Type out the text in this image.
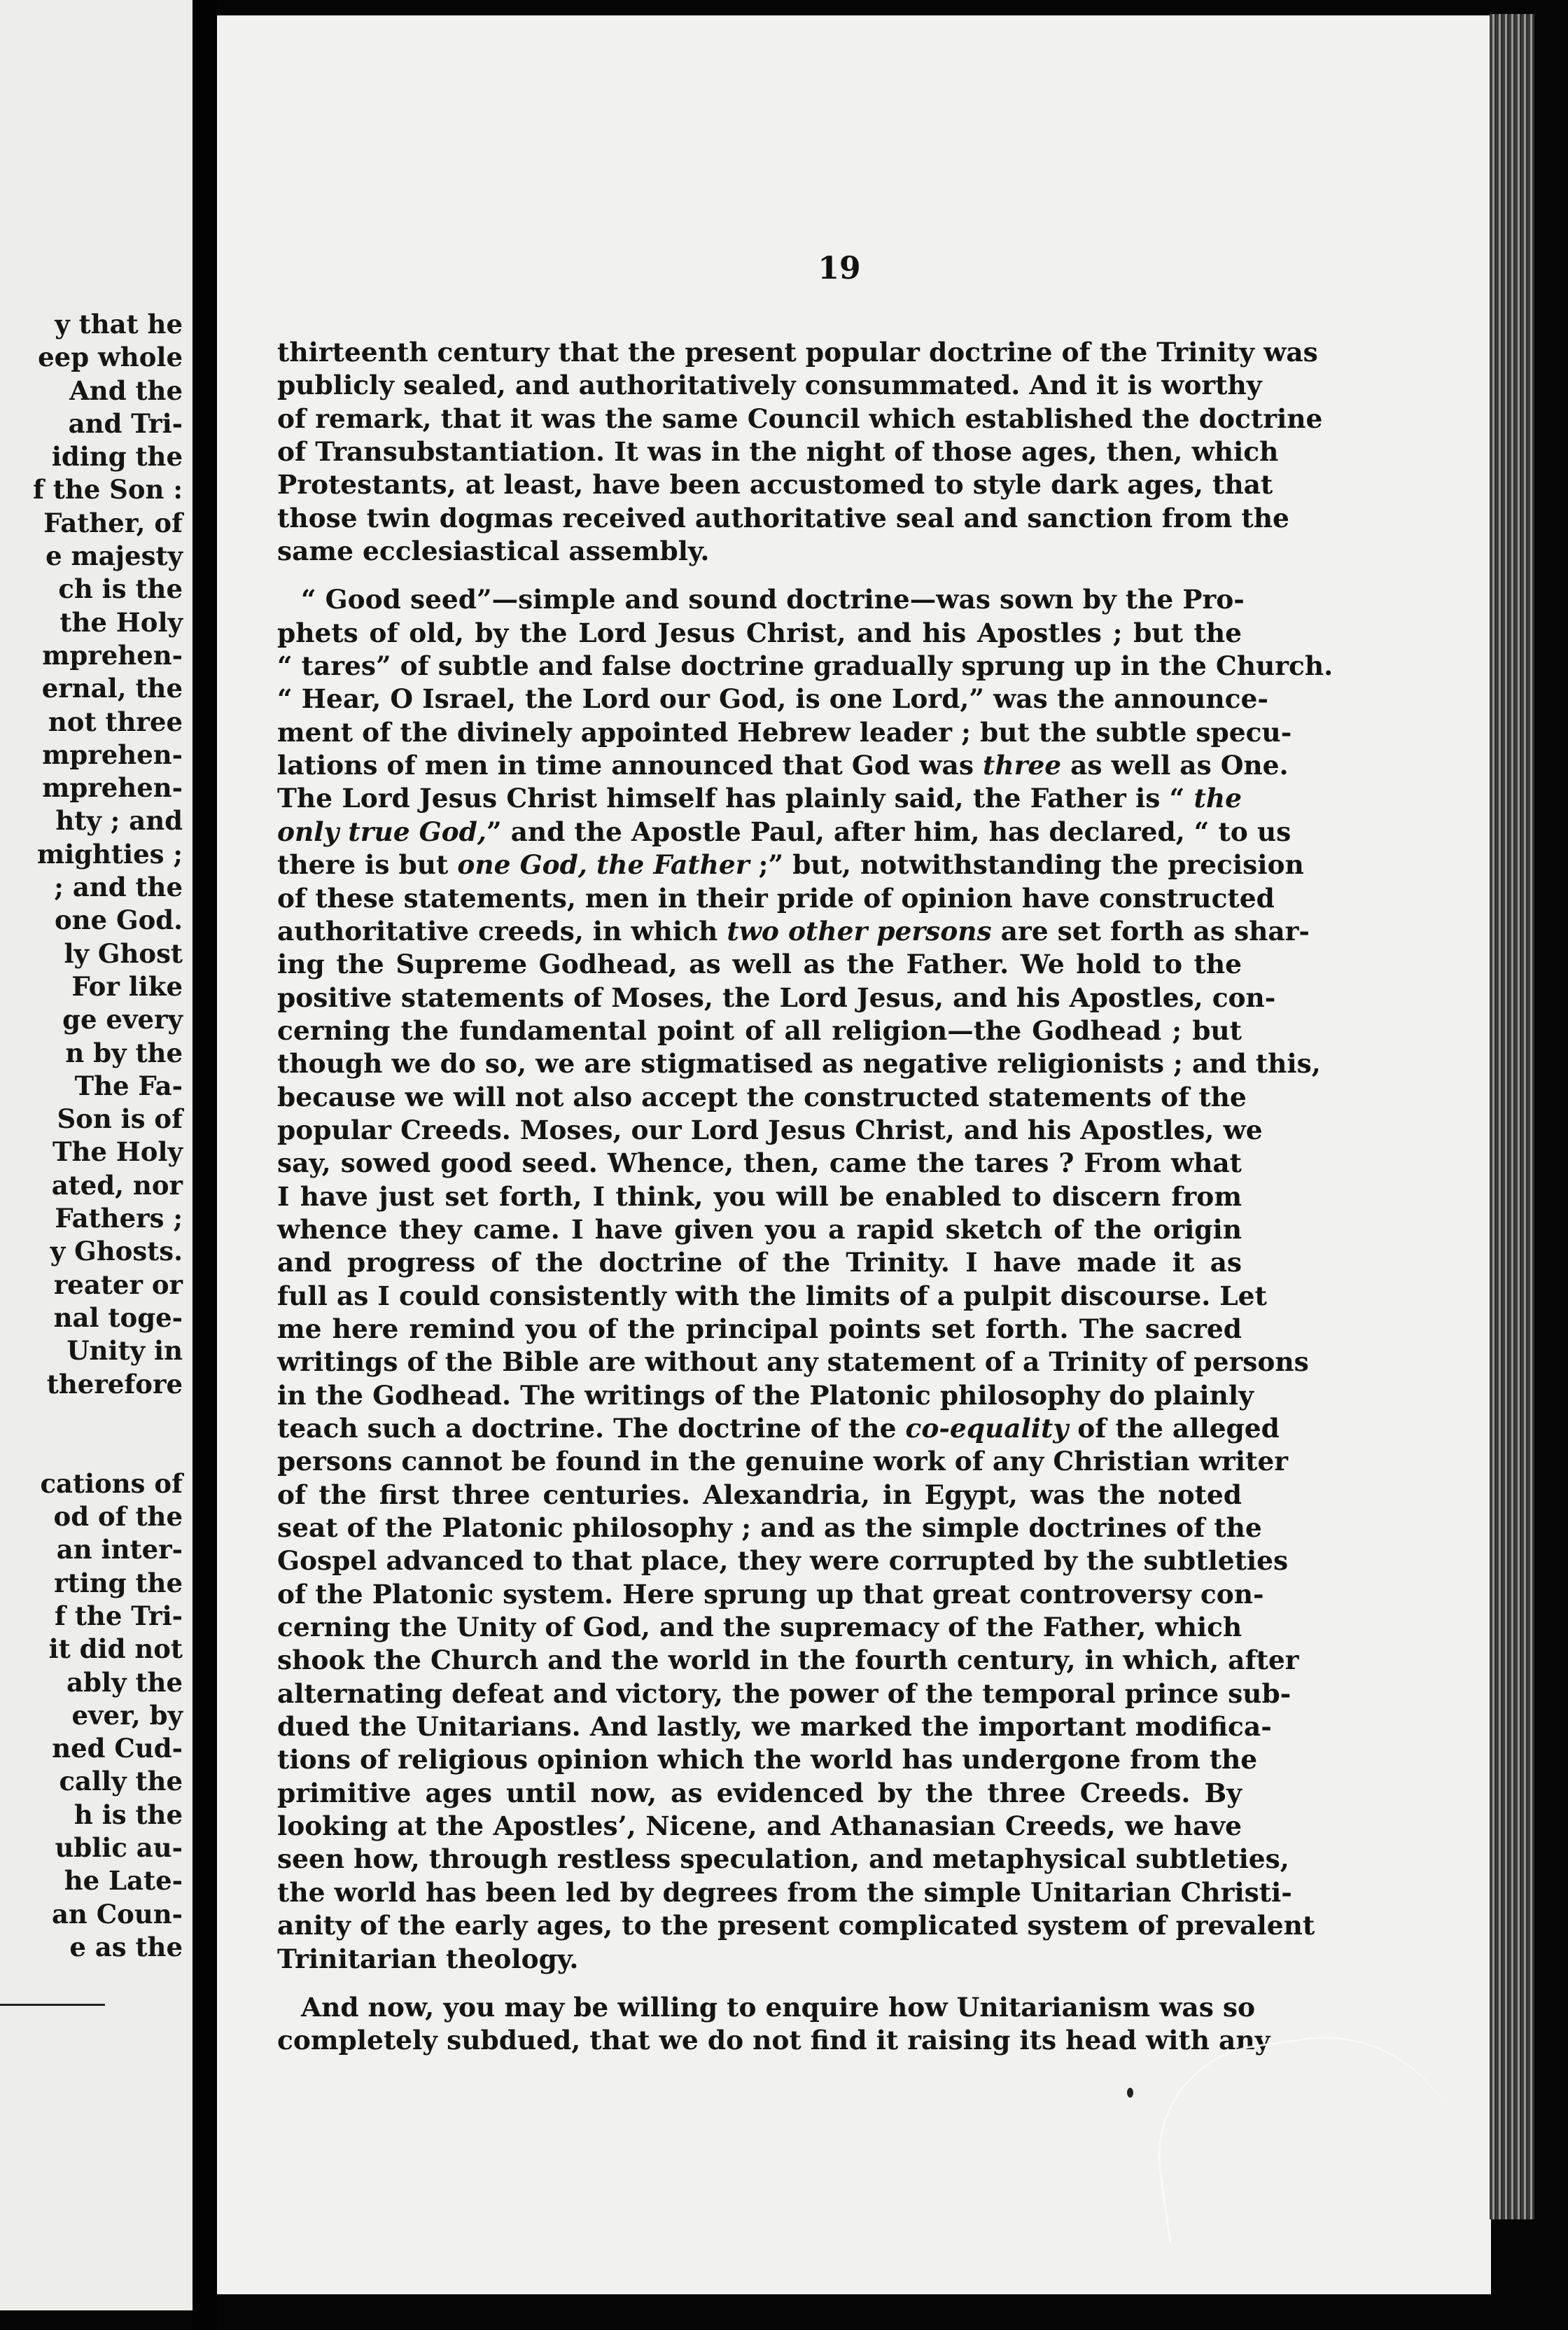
y that he
eep whole
And the
and Tri-
iding the
f the Son :
Father, of
e majesty
ch is the
the Holy
mprehen-
ernal, the
not three
mprehen-
mprehen-
hty ; and
mighties ;
; and the
one God.
ly Ghost
For like
ge every
n by the
The Fa-
Son is of
The Holy
ated, nor
Fathers ;
y Ghosts.
reater or
nal toge-
Unity in
therefore
cations of
od of the
an inter-
rting the
f the Tri-
it did not
ably the
ever, by
ned Cud-
cally the
h is the
ublic au-
he Late-
an Coun-
e as the
19
thirteenth century that the present popular doctrine of the Trinity was
publicly sealed, and authoritatively consummated. And it is worthy
of remark, that it was the same Council which established the doctrine
of Transubstantiation. It was in the night of those ages, then, which
Protestants, at least, have been accustomed to style dark ages, that
those twin dogmas received authoritative seal and sanction from the
same ecclesiastical assembly.
“ Good seed”—simple and sound doctrine—was sown by the Pro-
phets of old, by the Lord Jesus Christ, and his Apostles ; but the
“ tares” of subtle and false doctrine gradually sprung up in the Church.
“ Hear, O Israel, the Lord our God, is one Lord,” was the announce-
ment of the divinely appointed Hebrew leader ; but the subtle specu-
lations of men in time announced that God was three as well as One.
The Lord Jesus Christ himself has plainly said, the Father is “ the
only true God,” and the Apostle Paul, after him, has declared, “ to us
there is but one God, the Father ;” but, notwithstanding the precision
of these statements, men in their pride of opinion have constructed
authoritative creeds, in which two other persons are set forth as shar-
ing the Supreme Godhead, as well as the Father. We hold to the
positive statements of Moses, the Lord Jesus, and his Apostles, con-
cerning the fundamental point of all religion—the Godhead ; but
though we do so, we are stigmatised as negative religionists ; and this,
because we will not also accept the constructed statements of the
popular Creeds. Moses, our Lord Jesus Christ, and his Apostles, we
say, sowed good seed. Whence, then, came the tares ? From what
I have just set forth, I think, you will be enabled to discern from
whence they came. I have given you a rapid sketch of the origin
and progress of the doctrine of the Trinity. I have made it as
full as I could consistently with the limits of a pulpit discourse. Let
me here remind you of the principal points set forth. The sacred
writings of the Bible are without any statement of a Trinity of persons
in the Godhead. The writings of the Platonic philosophy do plainly
teach such a doctrine. The doctrine of the co-equality of the alleged
persons cannot be found in the genuine work of any Christian writer
of the first three centuries. Alexandria, in Egypt, was the noted
seat of the Platonic philosophy ; and as the simple doctrines of the
Gospel advanced to that place, they were corrupted by the subtleties
of the Platonic system. Here sprung up that great controversy con-
cerning the Unity of God, and the supremacy of the Father, which
shook the Church and the world in the fourth century, in which, after
alternating defeat and victory, the power of the temporal prince sub-
dued the Unitarians. And lastly, we marked the important modifica-
tions of religious opinion which the world has undergone from the
primitive ages until now, as evidenced by the three Creeds. By
looking at the Apostles’, Nicene, and Athanasian Creeds, we have
seen how, through restless speculation, and metaphysical subtleties,
the world has been led by degrees from the simple Unitarian Christi-
anity of the early ages, to the present complicated system of prevalent
Trinitarian theology.
And now, you may be willing to enquire how Unitarianism was so
completely subdued, that we do not find it raising its head with any
